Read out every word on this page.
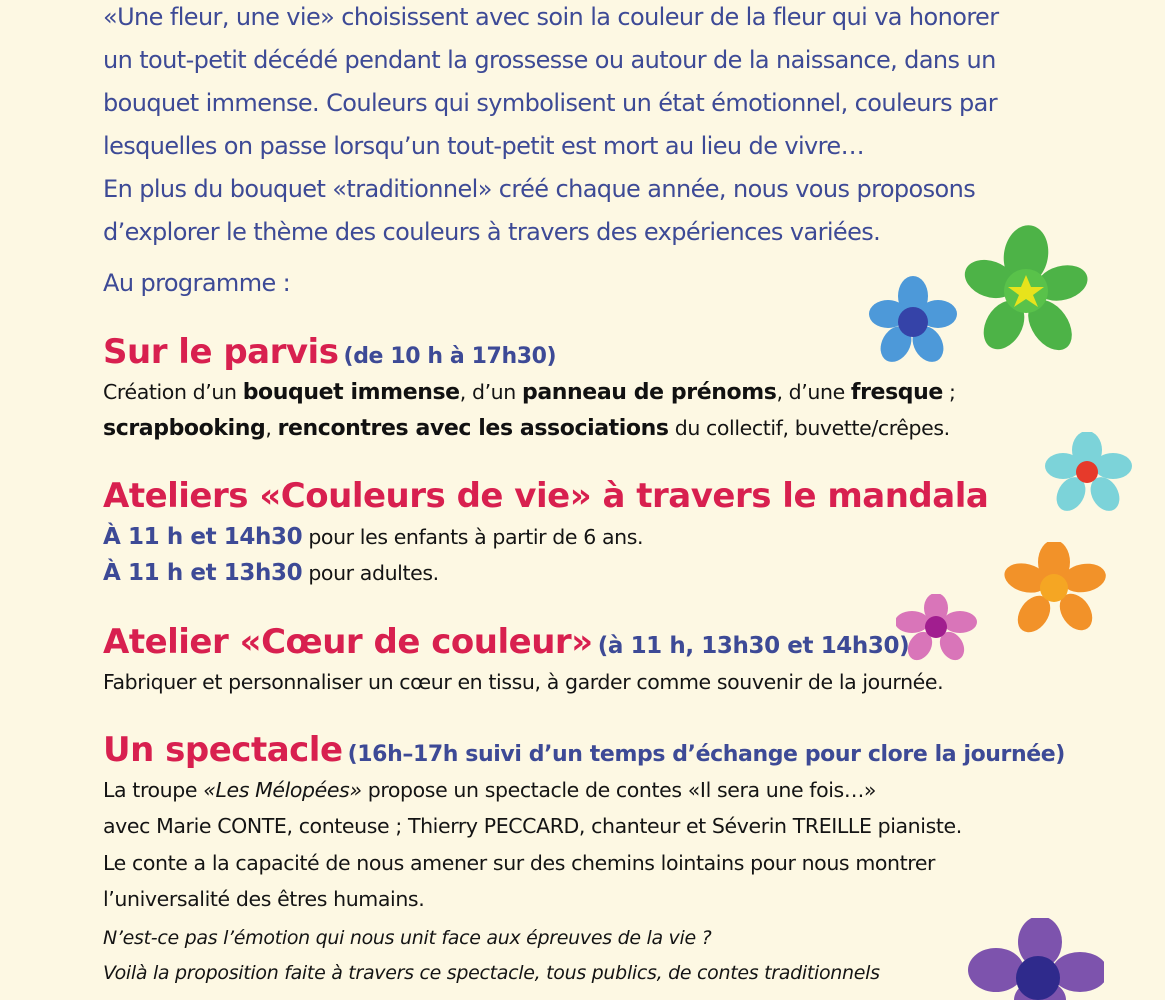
«Une fleur, une vie» choisissent avec soin la couleur de la fleur qui va honorer
un tout-petit décédé pendant la grossesse ou autour de la naissance, dans un
bouquet immense. Couleurs qui symbolisent un état émotionnel, couleurs par
lesquelles on passe lorsqu’un tout-petit est mort au lieu de vivre…
En plus du bouquet «traditionnel» créé chaque année, nous vous proposons
d’explorer le thème des couleurs à travers des expériences variées.
Au programme :
Sur le parvis (de 10 h à 17h30)
Création d’un bouquet immense, d’un panneau de prénoms, d’une fresque ;
scrapbooking, rencontres avec les associations du collectif, buvette/crêpes.
Ateliers «Couleurs de vie» à travers le mandala
À 11 h et 14h30 pour les enfants à partir de 6 ans.
À 11 h et 13h30 pour adultes.
Atelier «Cœur de couleur» (à 11 h, 13h30 et 14h30)
Fabriquer et personnaliser un cœur en tissu, à garder comme souvenir de la journée.
Un spectacle (16h–17h suivi d’un temps d’échange pour clore la journée)
La troupe «Les Mélopées» propose un spectacle de contes «Il sera une fois…»
avec Marie CONTE, conteuse ; Thierry PECCARD, chanteur et Séverin TREILLE pianiste.
Le conte a la capacité de nous amener sur des chemins lointains pour nous montrer
l’universalité des êtres humains.
N’est-ce pas l’émotion qui nous unit face aux épreuves de la vie ?
Voilà la proposition faite à travers ce spectacle, tous publics, de contes traditionnels
